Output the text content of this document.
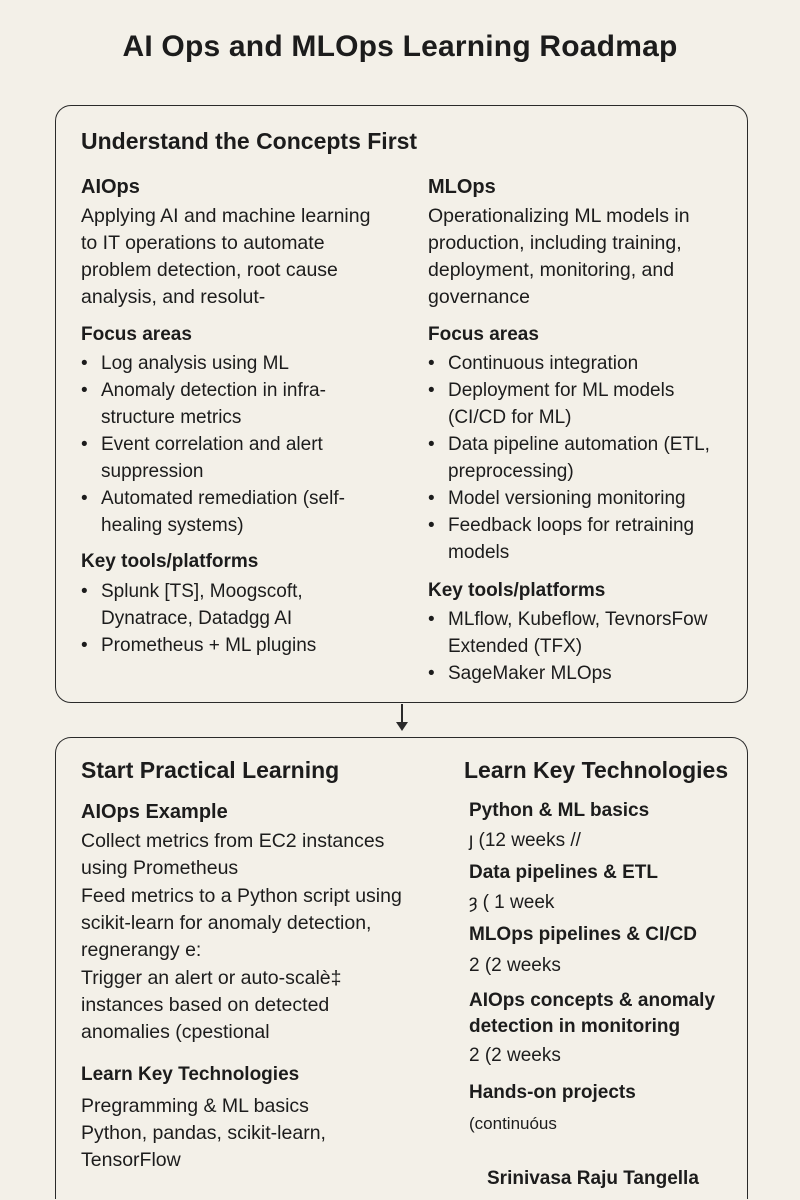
AI Ops and MLOps Learning Roadmap
Understand the Concepts First
AIOps
Applying AI and machine learning to IT operations to automate problem detection, root cause analysis, and resolut-
Focus areas
• Log analysis using ML
• Anomaly detection in infra- structure metrics
• Event correlation and alert suppression
• Automated remediation (self-healing systems)
Key tools/platforms
• Splunk [TS], Moogscoft, Dynatrace, Datadgg AI
• Prometheus + ML plugins
MLOps
Operationalizing ML models in production, including training, deployment, monitoring, and governance
Focus areas
• Continuous integration
• Deployment for ML models (CI/CD for ML)
• Data pipeline automation (ETL, preprocessing)
• Model versioning monitoring
• Feedback loops for retraining models
Key tools/platforms
• MLflow, Kubeflow, TevnorsFow Extended (TFX)
• SageMaker MLOps
Start Practical Learning
AIOps Example
Collect metrics from EC2 instances using Prometheus
Feed metrics to a Python script using scikit-learn for anomaly detection, regnerangy e:
Trigger an alert or auto-scalè‡ instances based on detected anomalies (cpestional
Learn Key Technologies
Pregramming & ML basics
Python, pandas, scikit-learn, TensorFlow
Learn Key Technologies
Python & ML basics
ȷ (12 weeks //
Data pipelines & ETL
ȝ ( 1 week
MLOps pipelines & CI/CD
2 (2 weeks
AIOps concepts & anomaly detection in monitoring
2 (2 weeks
Hands-on projects
(continuóus
Srinivasa Raju Tangella
